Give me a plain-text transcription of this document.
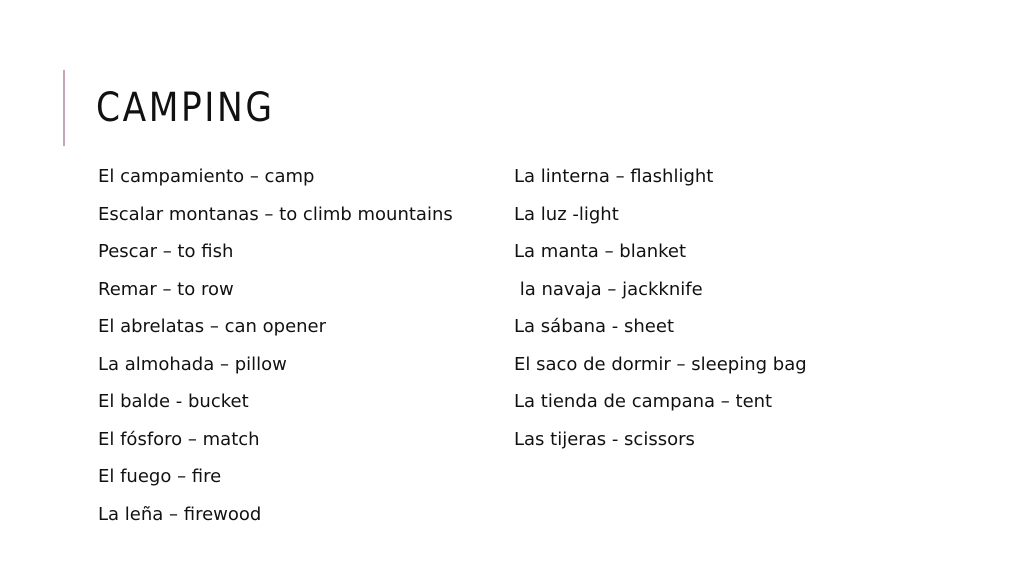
CAMPING
El campamiento – camp
Escalar montanas – to climb mountains
Pescar – to fish
Remar – to row
El abrelatas – can opener
La almohada – pillow
El balde - bucket
El fósforo – match
El fuego – fire
La leña – firewood
La linterna – flashlight
La luz -light
La manta – blanket
la navaja – jackknife
La sábana - sheet
El saco de dormir – sleeping bag
La tienda de campana – tent
Las tijeras - scissors
